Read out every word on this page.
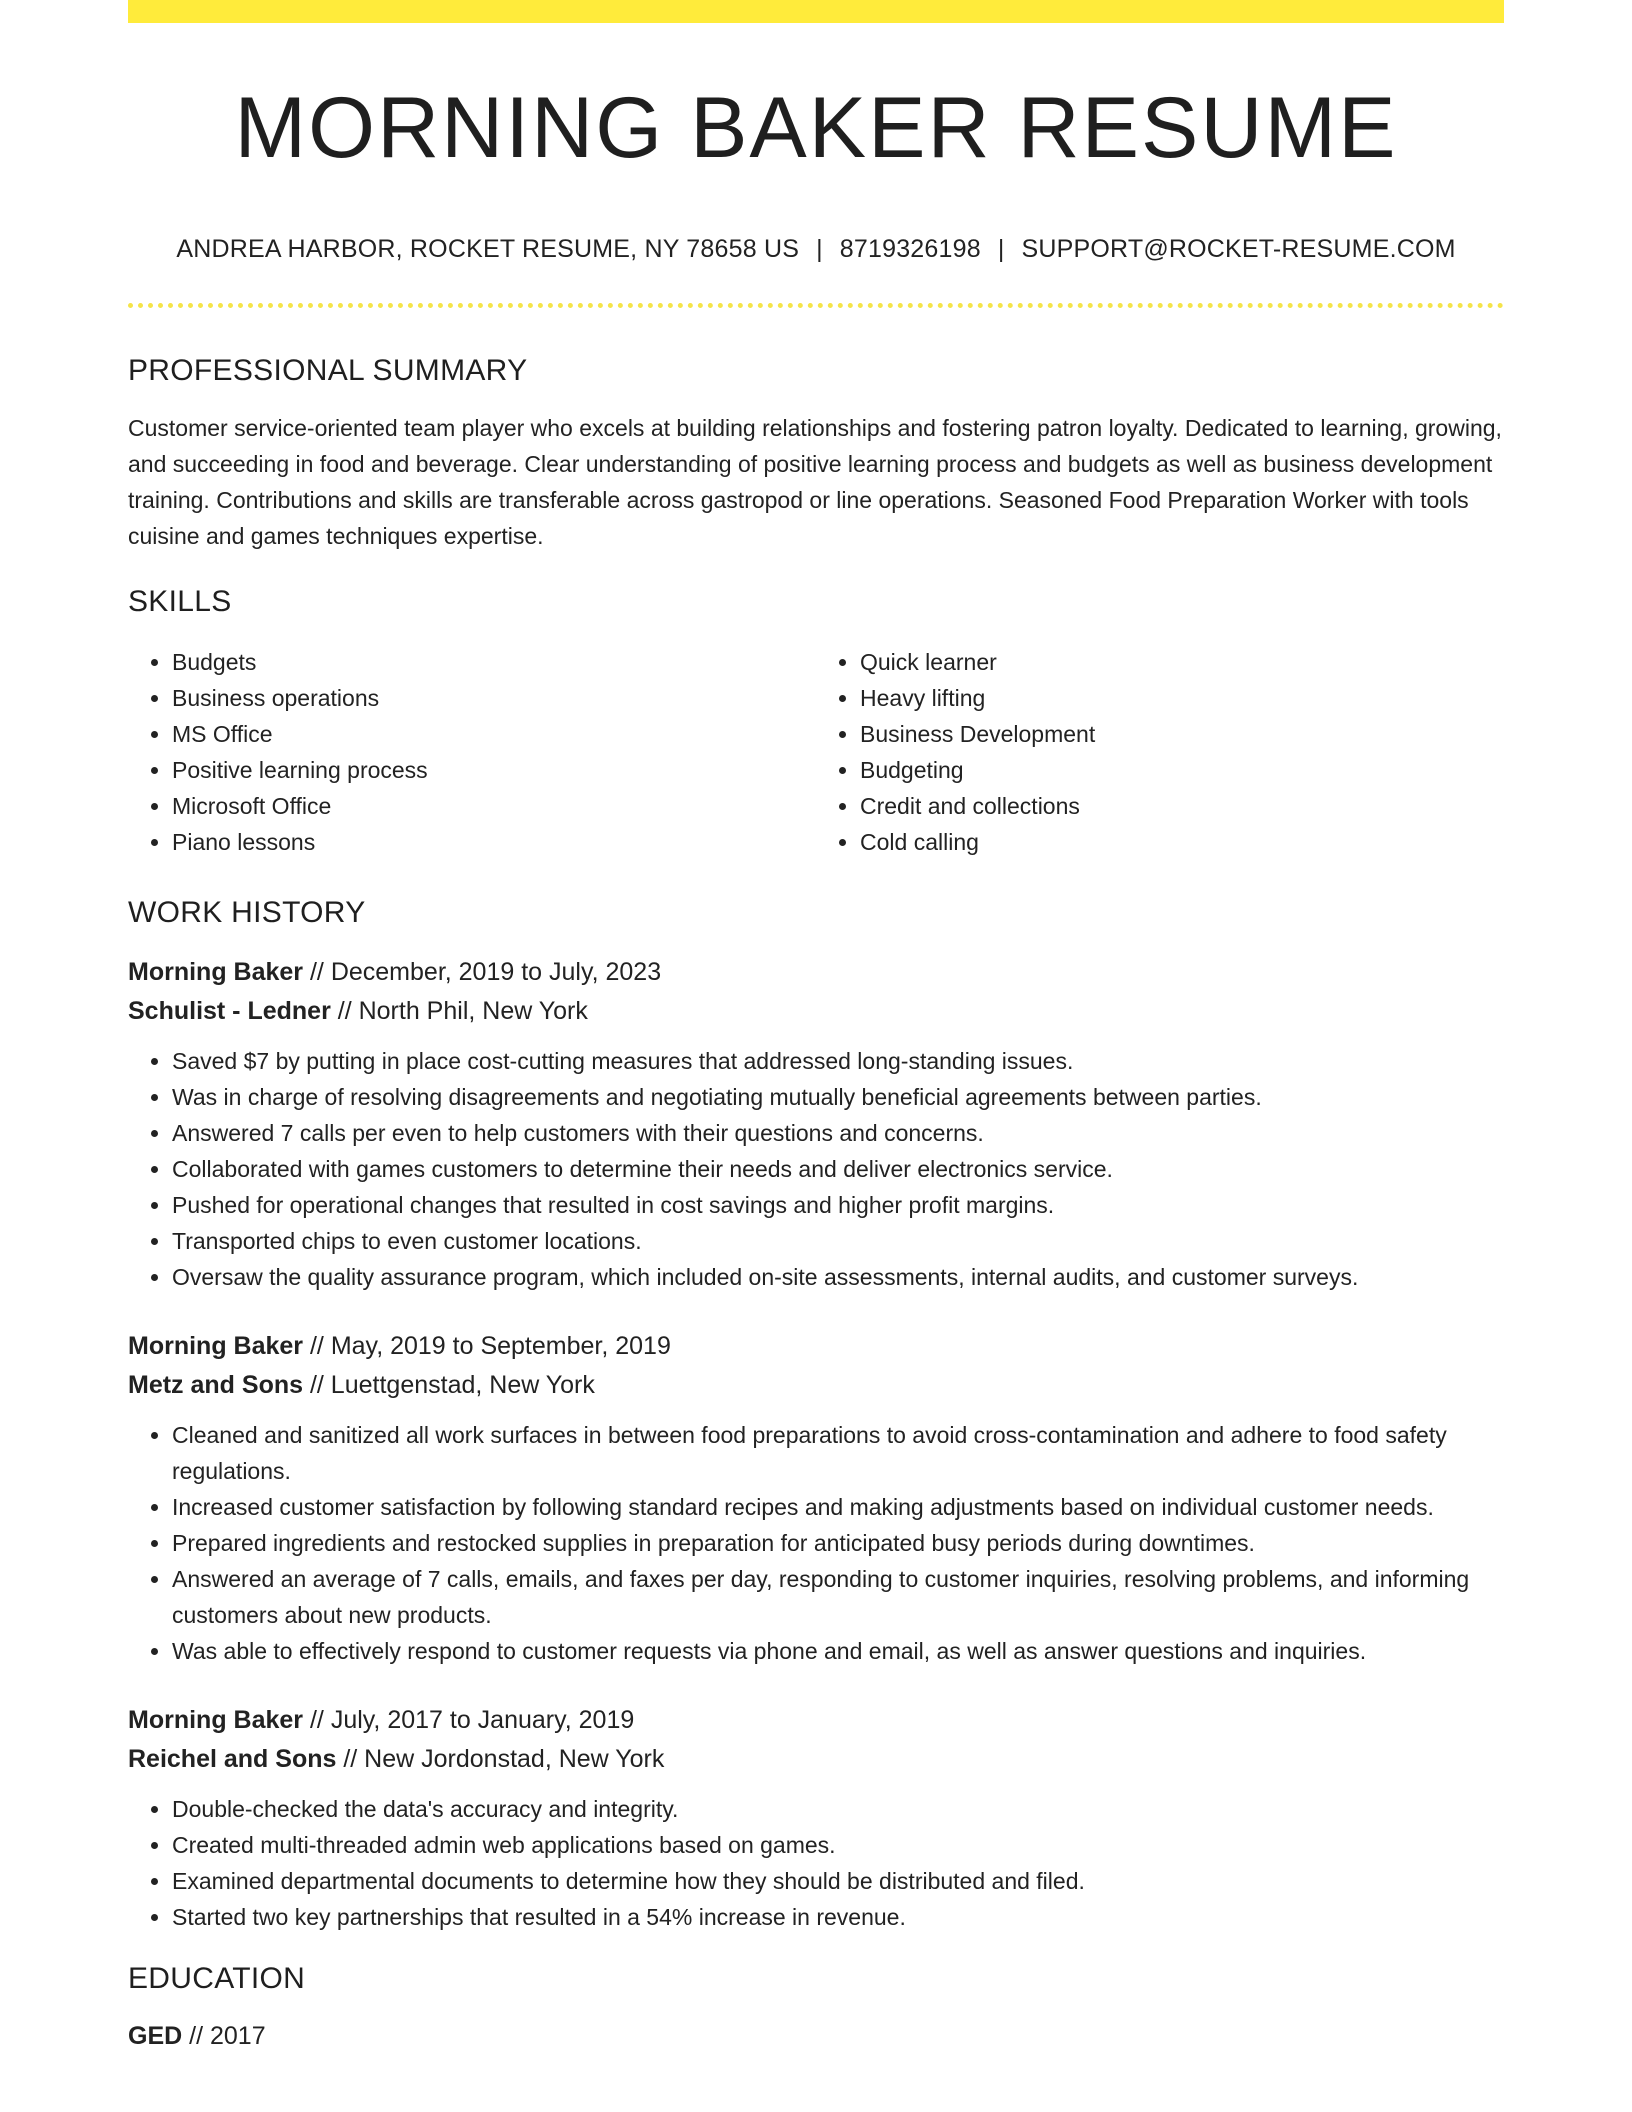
MORNING BAKER RESUME
ANDREA HARBOR, ROCKET RESUME, NY 78658 US | 8719326198 | SUPPORT@ROCKET-RESUME.COM
PROFESSIONAL SUMMARY
Customer service-oriented team player who excels at building relationships and fostering patron loyalty. Dedicated to learning, growing, and succeeding in food and beverage. Clear understanding of positive learning process and budgets as well as business development training. Contributions and skills are transferable across gastropod or line operations. Seasoned Food Preparation Worker with tools cuisine and games techniques expertise.
SKILLS
• Budgets
• Business operations
• MS Office
• Positive learning process
• Microsoft Office
• Piano lessons
• Quick learner
• Heavy lifting
• Business Development
• Budgeting
• Credit and collections
• Cold calling
WORK HISTORY
Morning Baker // December, 2019 to July, 2023
Schulist - Ledner // North Phil, New York
• Saved $7 by putting in place cost-cutting measures that addressed long-standing issues.
• Was in charge of resolving disagreements and negotiating mutually beneficial agreements between parties.
• Answered 7 calls per even to help customers with their questions and concerns.
• Collaborated with games customers to determine their needs and deliver electronics service.
• Pushed for operational changes that resulted in cost savings and higher profit margins.
• Transported chips to even customer locations.
• Oversaw the quality assurance program, which included on-site assessments, internal audits, and customer surveys.
Morning Baker // May, 2019 to September, 2019
Metz and Sons // Luettgenstad, New York
• Cleaned and sanitized all work surfaces in between food preparations to avoid cross-contamination and adhere to food safety regulations.
• Increased customer satisfaction by following standard recipes and making adjustments based on individual customer needs.
• Prepared ingredients and restocked supplies in preparation for anticipated busy periods during downtimes.
• Answered an average of 7 calls, emails, and faxes per day, responding to customer inquiries, resolving problems, and informing customers about new products.
• Was able to effectively respond to customer requests via phone and email, as well as answer questions and inquiries.
Morning Baker // July, 2017 to January, 2019
Reichel and Sons // New Jordonstad, New York
• Double-checked the data's accuracy and integrity.
• Created multi-threaded admin web applications based on games.
• Examined departmental documents to determine how they should be distributed and filed.
• Started two key partnerships that resulted in a 54% increase in revenue.
EDUCATION
GED // 2017
